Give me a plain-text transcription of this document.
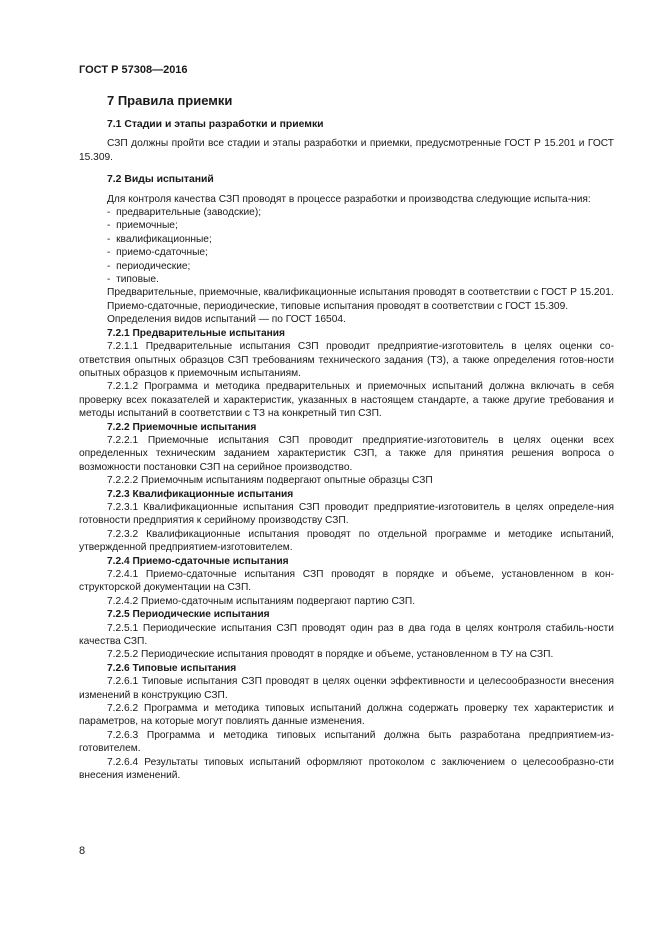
ГОСТ Р 57308—2016
7 Правила приемки
7.1 Стадии и этапы разработки и приемки

СЗП должны пройти все стадии и этапы разработки и приемки, предусмотренные ГОСТ Р 15.201 и ГОСТ 15.309.

7.2 Виды испытаний

Для контроля качества СЗП проводят в процессе разработки и производства следующие испыта-ния:

-  предварительные (заводские);
-  приемочные;
-  квалификационные;
-  приемо-сдаточные;
-  периодические;
-  типовые.

Предварительные, приемочные, квалификационные испытания проводят в соответствии с ГОСТ Р 15.201.

Приемо-сдаточные, периодические, типовые испытания проводят в соответствии с ГОСТ 15.309.

Определения видов испытаний — по ГОСТ 16504.

7.2.1 Предварительные испытания

7.2.1.1 Предварительные испытания СЗП проводит предприятие-изготовитель в целях оценки со-ответствия опытных образцов СЗП требованиям технического задания (ТЗ), а также определения готов-ности опытных образцов к приемочным испытаниям.

7.2.1.2 Программа и методика предварительных и приемочных испытаний должна включать в себя проверку всех показателей и характеристик, указанных в настоящем стандарте, а также другие требования и методы испытаний в соответствии с ТЗ на конкретный тип СЗП.

7.2.2 Приемочные испытания

7.2.2.1 Приемочные испытания СЗП проводит предприятие-изготовитель в целях оценки всех определенных техническим заданием характеристик СЗП, а также для принятия решения вопроса о возможности постановки СЗП на серийное производство.

7.2.2.2 Приемочным испытаниям подвергают опытные образцы СЗП

7.2.3 Квалификационные испытания

7.2.3.1 Квалификационные испытания СЗП проводит предприятие-изготовитель в целях определе-ния готовности предприятия к серийному производству СЗП.

7.2.3.2 Квалификационные испытания проводят по отдельной программе и методике испытаний, утвержденной предприятием-изготовителем.

7.2.4 Приемо-сдаточные испытания

7.2.4.1 Приемо-сдаточные испытания СЗП проводят в порядке и объеме, установленном в кон-структорской документации на СЗП.

7.2.4.2 Приемо-сдаточным испытаниям подвергают партию СЗП.

7.2.5 Периодические испытания

7.2.5.1 Периодические испытания СЗП проводят один раз в два года в целях контроля стабиль-ности качества СЗП.

7.2.5.2 Периодические испытания проводят в порядке и объеме, установленном в ТУ на СЗП.

7.2.6 Типовые испытания

7.2.6.1 Типовые испытания СЗП проводят в целях оценки эффективности и целесообразности внесения изменений в конструкцию СЗП.

7.2.6.2 Программа и методика типовых испытаний должна содержать проверку тех характеристик и параметров, на которые могут повлиять данные изменения.

7.2.6.3 Программа и методика типовых испытаний должна быть разработана предприятием-из-готовителем.

7.2.6.4 Результаты типовых испытаний оформляют протоколом с заключением о целесообразно-сти внесения изменений.

8
